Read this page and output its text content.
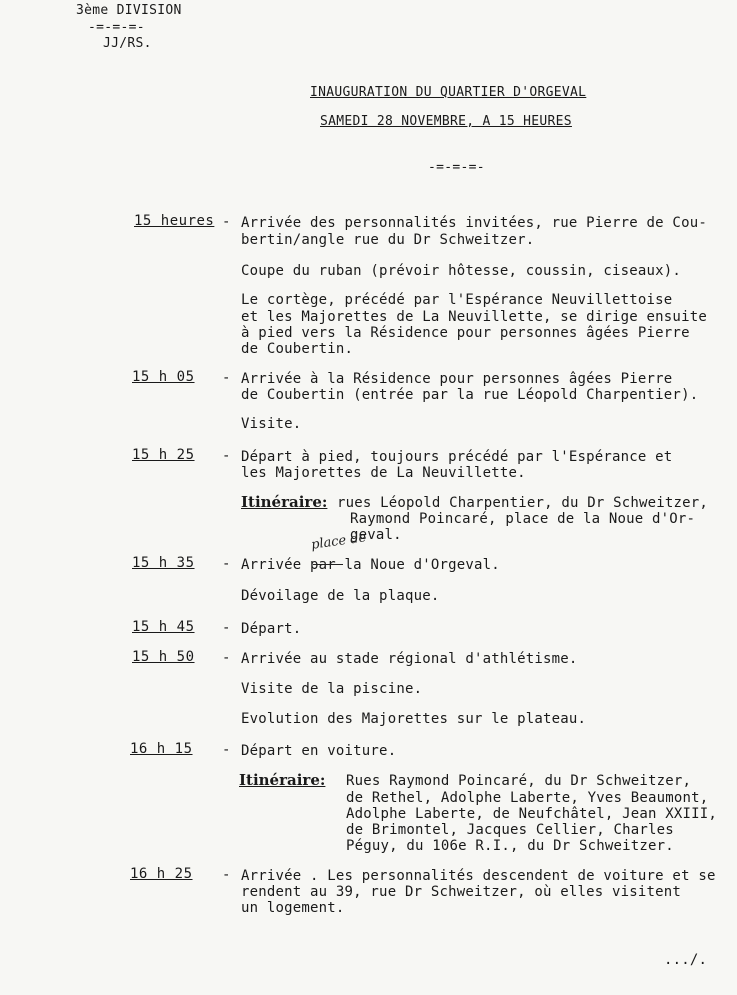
3ème DIVISION
-=-=-=-
JJ/RS.
INAUGURATION DU QUARTIER D'ORGEVAL
SAMEDI 28 NOVEMBRE, A 15 HEURES
-=-=-=-
15 heures - Arrivée des personnalités invitées, rue Pierre de Cou-
bertin/angle rue du Dr Schweitzer.
Coupe du ruban (prévoir hôtesse, coussin, ciseaux).
Le cortège, précédé par l'Espérance Neuvillettoise
et les Majorettes de La Neuvillette, se dirige ensuite
à pied vers la Résidence pour personnes âgées Pierre
de Coubertin.
15 h 05 - Arrivée à la Résidence pour personnes âgées Pierre
de Coubertin (entrée par la rue Léopold Charpentier).
Visite.
15 h 25 - Départ à pied, toujours précédé par l'Espérance et
les Majorettes de La Neuvillette.
Itinéraire: rues Léopold Charpentier, du Dr Schweitzer,
Raymond Poincaré, place de la Noue d'Or-
geval.
15 h 35 -
place de
Arrivée par la Noue d'Orgeval.
Dévoilage de la plaque.
15 h 45 - Départ.
15 h 50 - Arrivée au stade régional d'athlétisme.
Visite de la piscine.
Evolution des Majorettes sur le plateau.
16 h 15 - Départ en voiture.
Itinéraire: Rues Raymond Poincaré, du Dr Schweitzer,
de Rethel, Adolphe Laberte, Yves Beaumont,
Adolphe Laberte, de Neufchâtel, Jean XXIII,
de Brimontel, Jacques Cellier, Charles
Péguy, du 106e R.I., du Dr Schweitzer.
16 h 25 - Arrivée . Les personnalités descendent de voiture et se
rendent au 39, rue Dr Schweitzer, où elles visitent
un logement.
.../.
